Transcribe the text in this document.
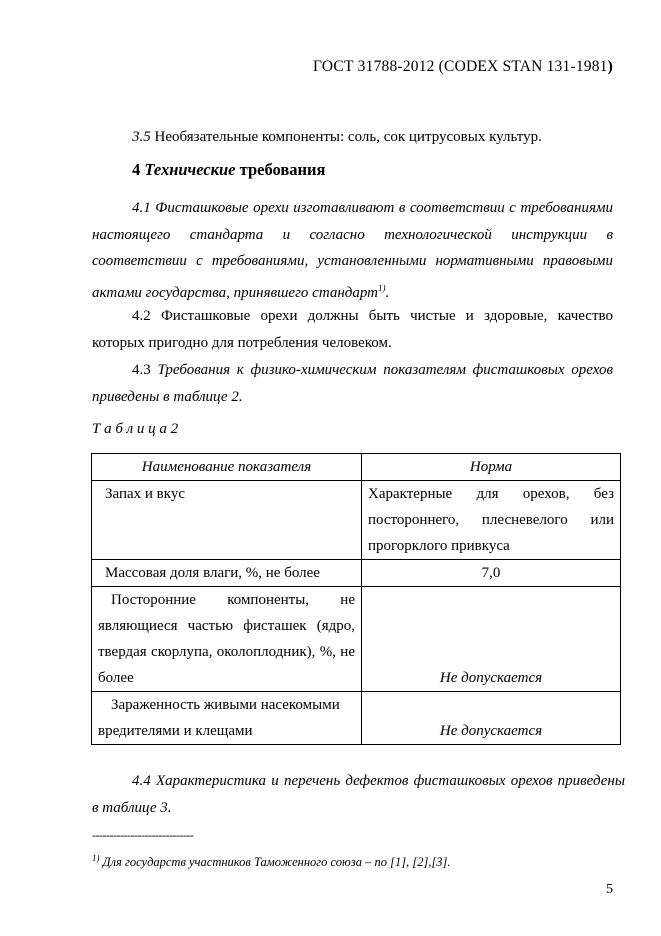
ГОСТ 31788-2012 (CODEX STAN 131-1981)
3.5 Необязательные компоненты: соль, сок цитрусовых культур.
4 Технические требования
4.1 Фисташковые орехи изготавливают в соответствии с требованиями настоящего стандарта и согласно технологической инструкции в соответствии с требованиями, установленными нормативными правовыми актами государства, принявшего стандарт$^{1)}$.
4.2 Фисташковые орехи должны быть чистые и здоровые, качество которых пригодно для потребления человеком.
4.3 Требования к физико-химическим показателям фисташковых орехов приведены в таблице 2.
Т а б л и ц а 2
Наименование показателя	Норма
Запах и вкус	Характерные для орехов, без постороннего, плесневелого или прогорклого привкуса
Массовая доля влаги, %, не более	7,0
Посторонние компоненты, не являющиеся частью фисташек (ядро, твердая скорлупа, околоплодник), %, не более	Не допускается
Зараженность живыми насекомыми вредителями и клещами	Не допускается
4.4 Характеристика и перечень дефектов фисташковых орехов приведены в таблице 3.
-----------------------------
$^{1)}$ Для государств участников Таможенного союза – по [1], [2],[3].
5
